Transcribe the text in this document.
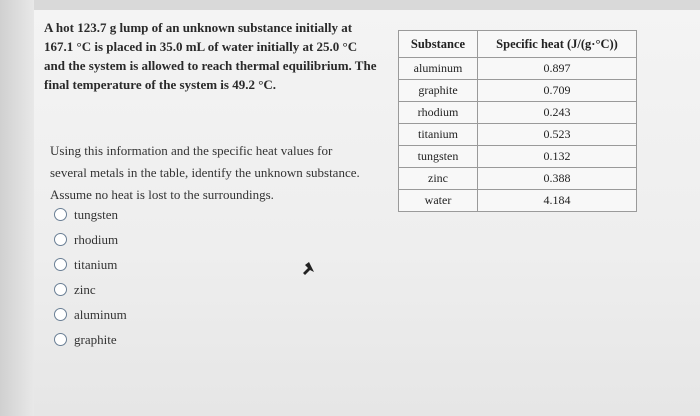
A hot 123.7 g lump of an unknown substance initially at
167.1 °C is placed in 35.0 mL of water initially at 25.0 °C
and the system is allowed to reach thermal equilibrium. The
final temperature of the system is 49.2 °C.
Using this information and the specific heat values for
several metals in the table, identify the unknown substance.
Assume no heat is lost to the surroundings.
tungsten
rhodium
titanium
zinc
aluminum
graphite
Substance	Specific heat (J/(g·°C))
aluminum	0.897
graphite	0.709
rhodium	0.243
titanium	0.523
tungsten	0.132
zinc	0.388
water	4.184
